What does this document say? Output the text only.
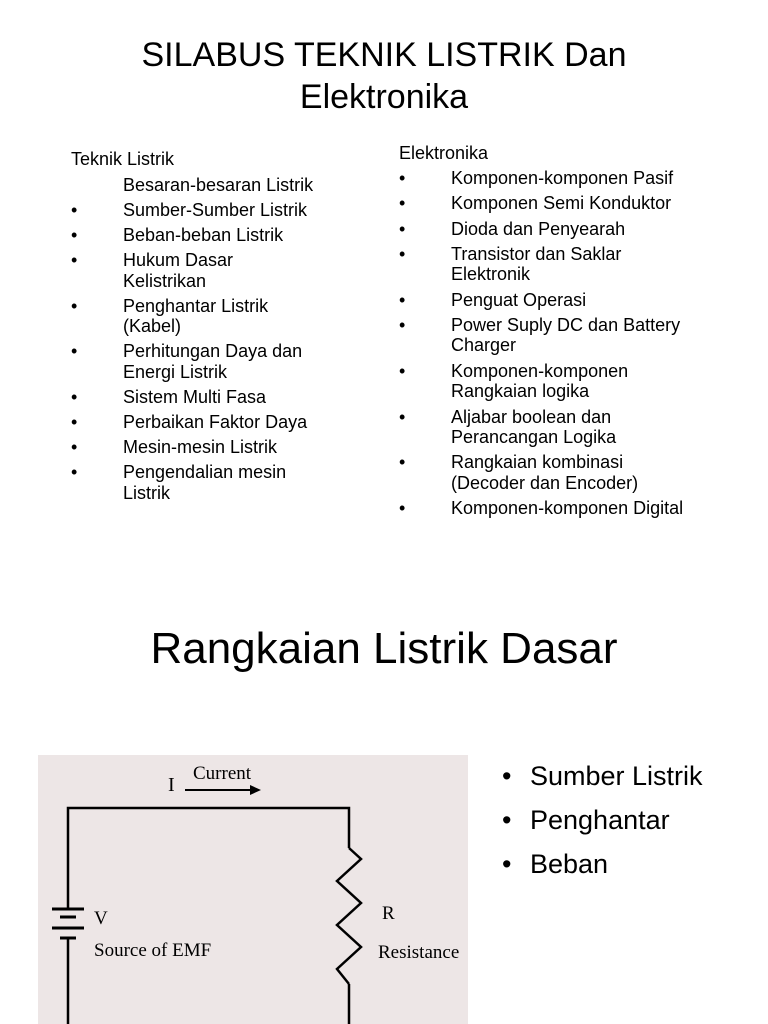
SILABUS TEKNIK LISTRIK Dan
Elektronika
Teknik Listrik
Besaran-besaran Listrik
•	Sumber-Sumber Listrik
•	Beban-beban Listrik
•	Hukum Dasar
Kelistrikan
•	Penghantar Listrik
(Kabel)
•	Perhitungan Daya dan
Energi Listrik
•	Sistem Multi Fasa
•	Perbaikan Faktor Daya
•	Mesin-mesin Listrik
•	Pengendalian mesin
Listrik
Elektronika
•	Komponen-komponen Pasif
•	Komponen Semi Konduktor
•	Dioda dan Penyearah
•	Transistor dan Saklar
Elektronik
•	Penguat Operasi
•	Power Suply DC dan Battery
Charger
•	Komponen-komponen
Rangkaian logika
•	Aljabar boolean dan
Perancangan Logika
•	Rangkaian kombinasi
(Decoder dan Encoder)
•	Komponen-komponen Digital
Rangkaian Listrik Dasar
I
Current
V
Source of EMF
R
Resistance
• Sumber Listrik
• Penghantar
• Beban
